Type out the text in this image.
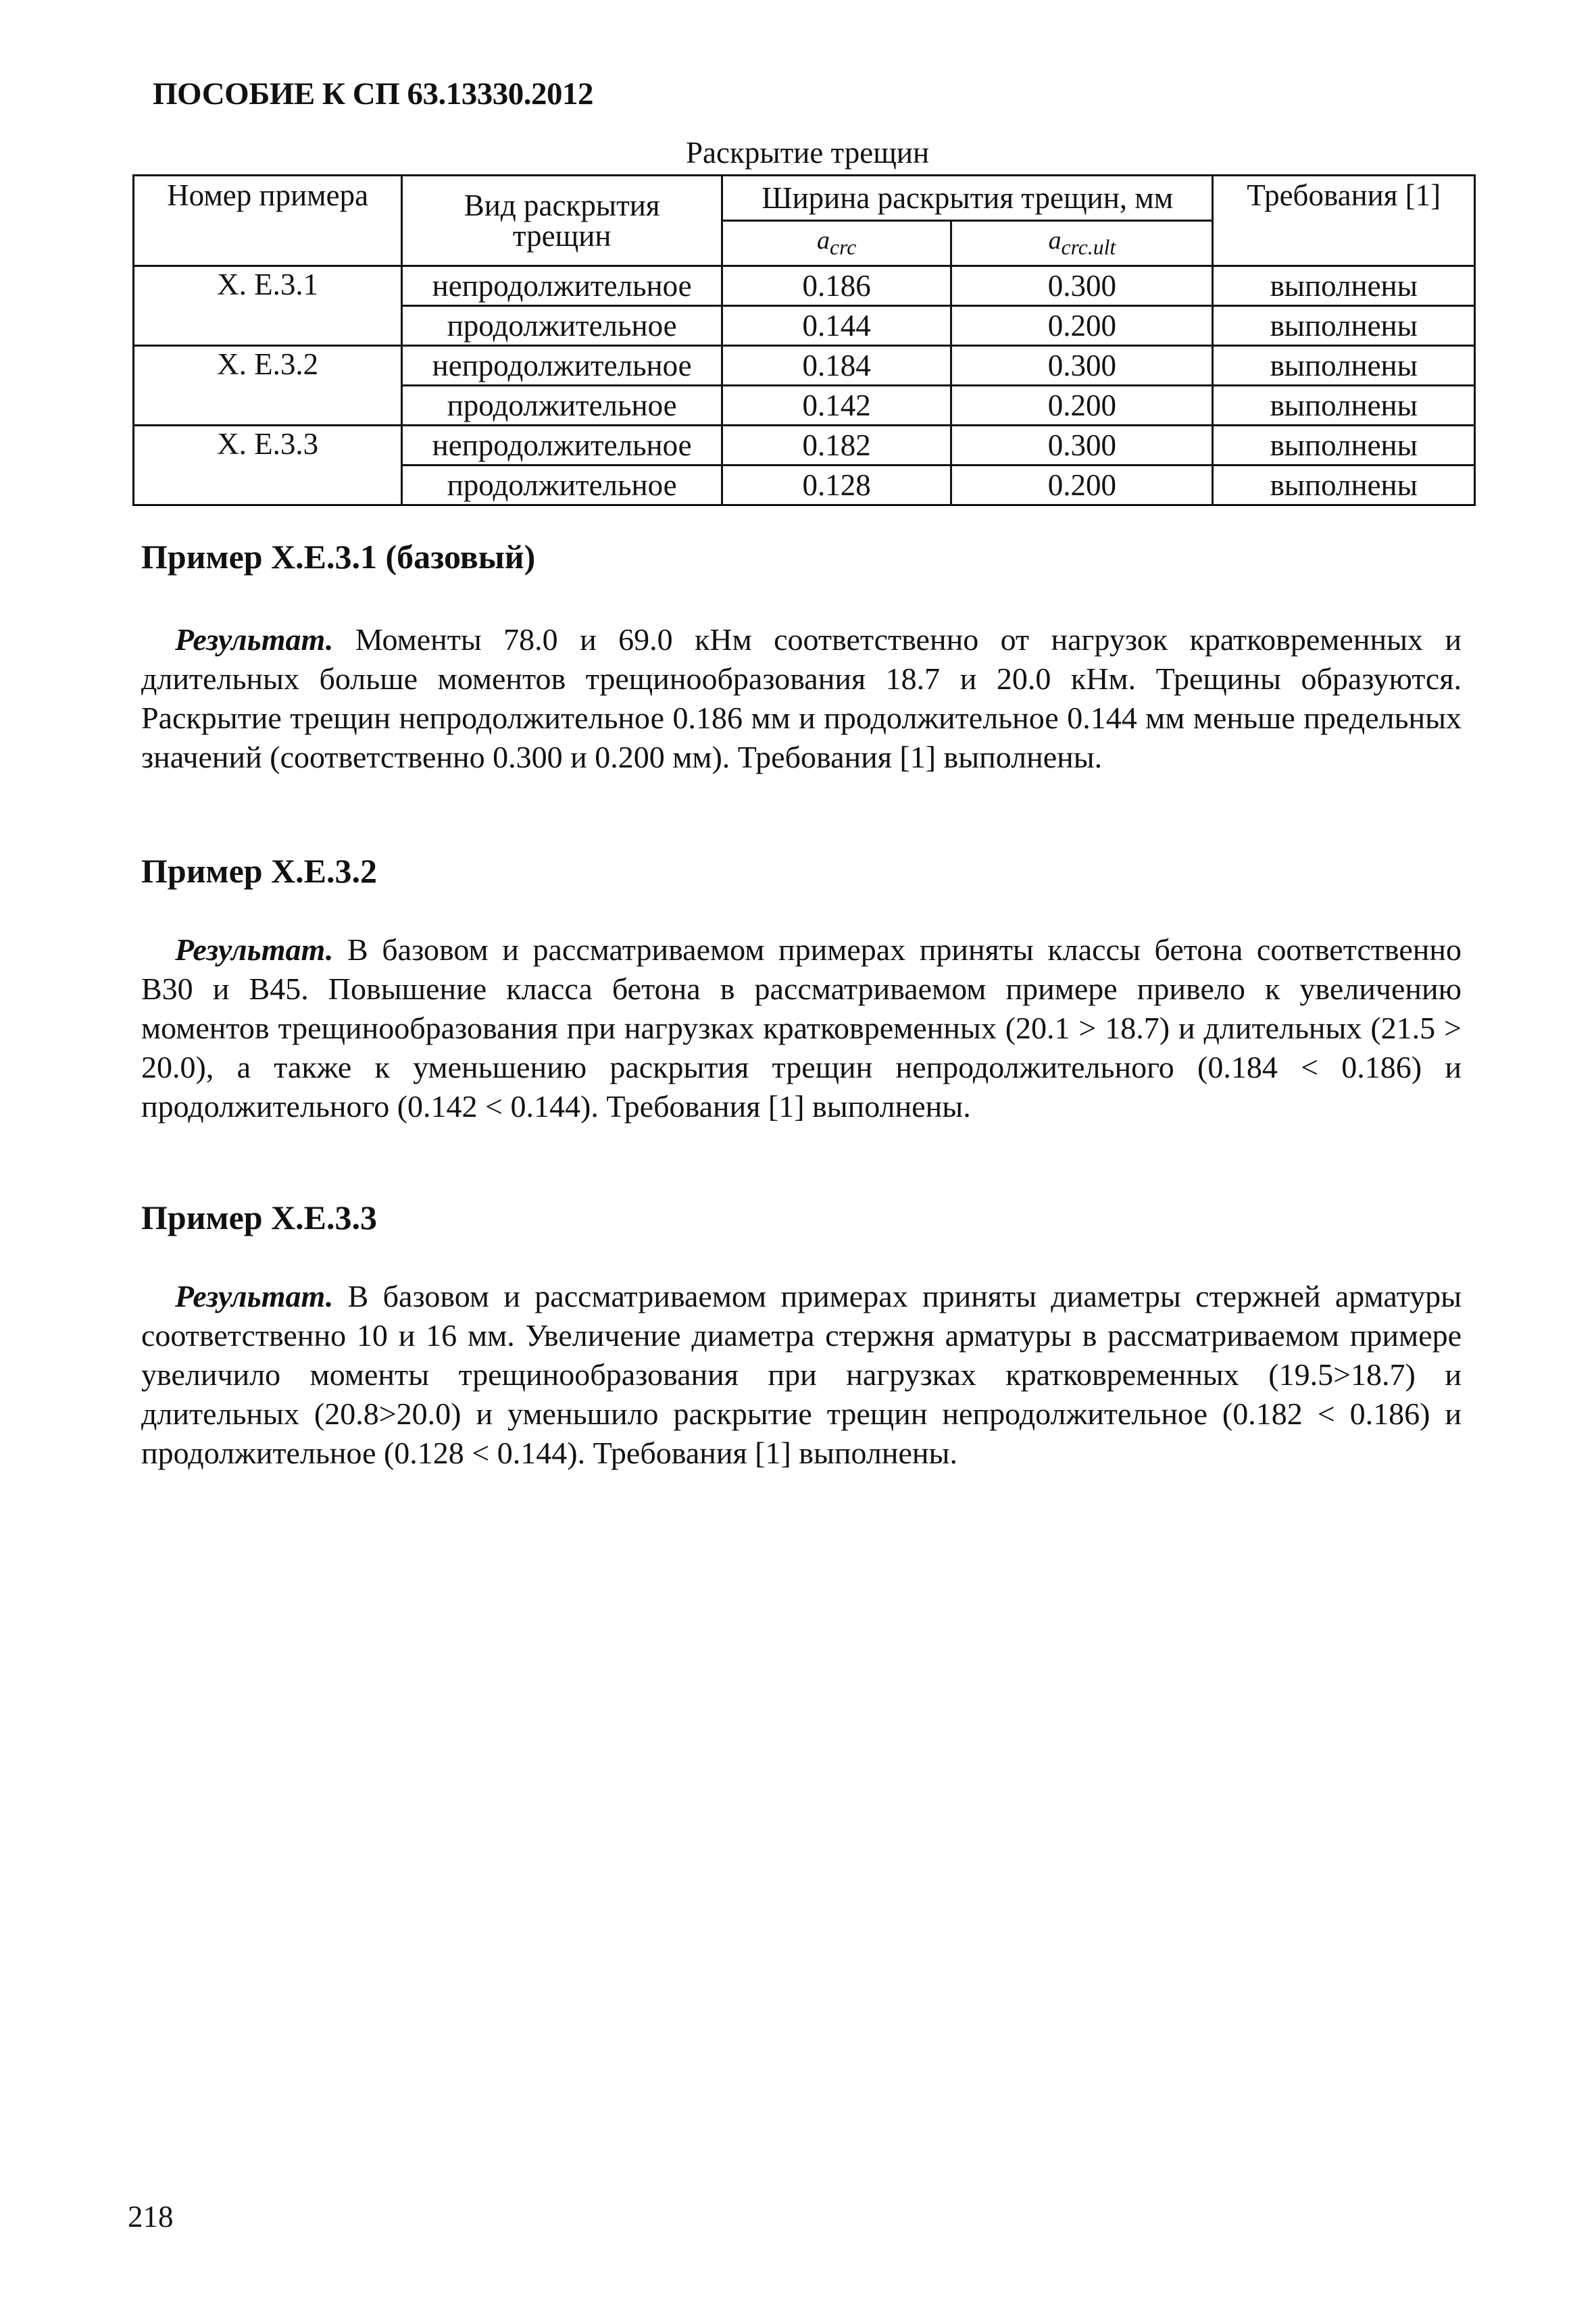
ПОСОБИЕ К СП 63.13330.2012
Раскрытие трещин
Номер примера	Вид раскрытия трещин	Ширина раскрытия трещин, мм		Требования [1]
		$a_{crc}$	$a_{crc.ult}$
Х. Е.3.1	непродолжительное	0.186	0.300	выполнены
	продолжительное	0.144	0.200	выполнены
Х. Е.3.2	непродолжительное	0.184	0.300	выполнены
	продолжительное	0.142	0.200	выполнены
Х. Е.3.3	непродолжительное	0.182	0.300	выполнены
	продолжительное	0.128	0.200	выполнены
Пример Х.Е.3.1 (базовый)
Результат. Моменты 78.0 и 69.0 кНм соответственно от нагрузок кратковременных и длительных больше моментов трещинообразования 18.7 и 20.0 кНм. Трещины образуются. Раскрытие трещин непродолжительное 0.186 мм и продолжительное 0.144 мм меньше предельных значений (соответственно 0.300 и 0.200 мм). Требования [1] выполнены.
Пример Х.Е.3.2
Результат. В базовом и рассматриваемом примерах приняты классы бетона соответственно В30 и В45. Повышение класса бетона в рассматриваемом примере привело к увеличению моментов трещинообразования при нагрузках кратковременных (20.1 > 18.7) и длительных (21.5 > 20.0), а также к уменьшению раскрытия трещин непродолжительного (0.184 < 0.186) и продолжительного (0.142 < 0.144). Требования [1] выполнены.
Пример Х.Е.3.3
Результат. В базовом и рассматриваемом примерах приняты диаметры стержней арматуры соответственно 10 и 16 мм. Увеличение диаметра стержня арматуры в рассматриваемом примере увеличило моменты трещинообразования при нагрузках кратковременных (19.5>18.7) и длительных (20.8>20.0) и уменьшило раскрытие трещин непродолжительное (0.182 < 0.186) и продолжительное (0.128 < 0.144). Требования [1] выполнены.
218
